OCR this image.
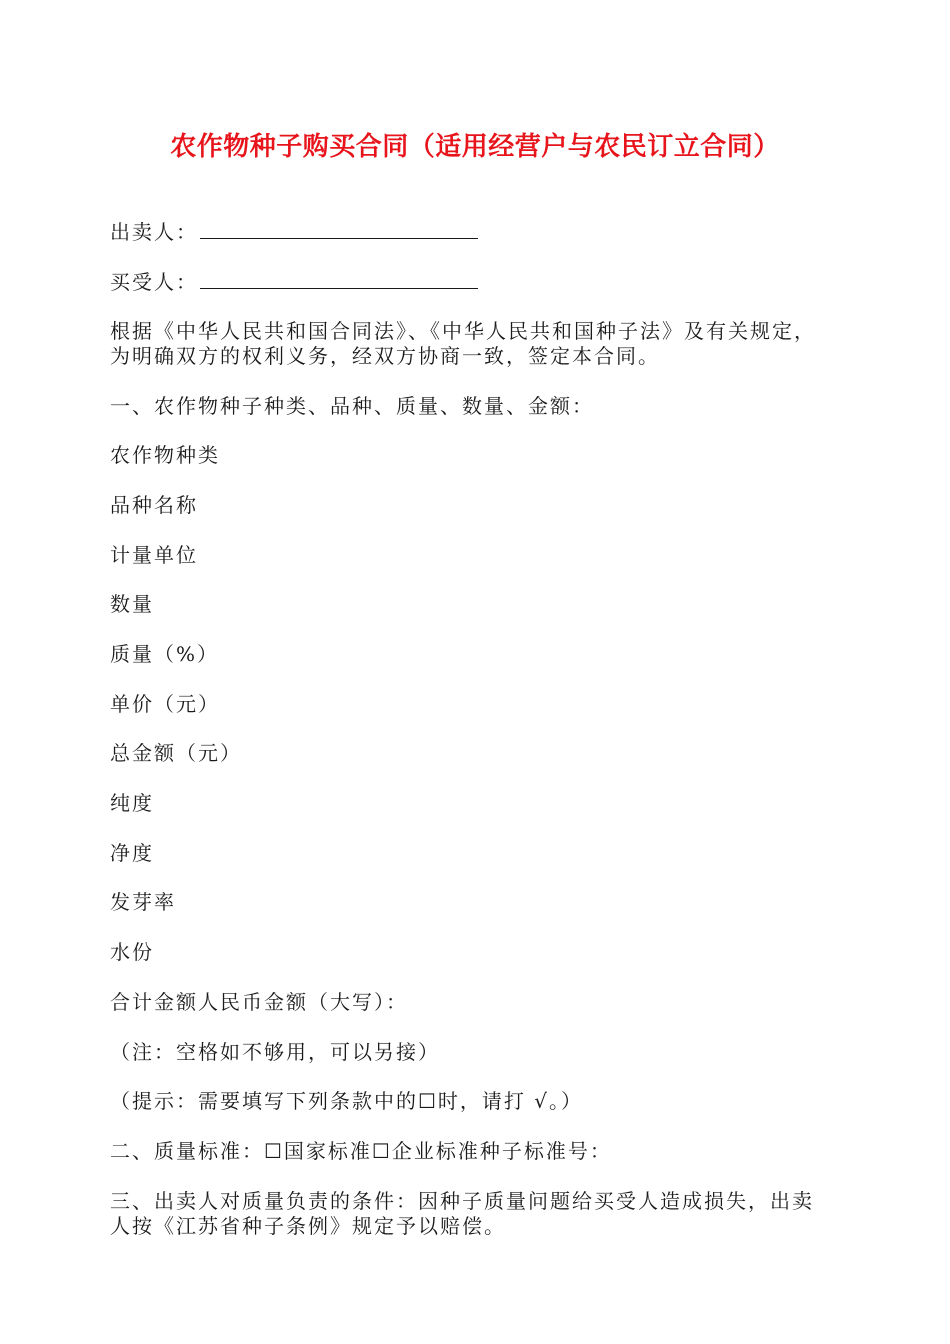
农作物种子购买合同（适用经营户与农民订立合同）
出卖人：
买受人：
根据《中华人民共和国合同法》、《中华人民共和国种子法》及有关规定，
为明确双方的权利义务，经双方协商一致，签定本合同。
一、农作物种子种类、品种、质量、数量、金额：
农作物种类
品种名称
计量单位
数量
质量（%）
单价（元）
总金额（元）
纯度
净度
发芽率
水份
合计金额人民币金额（大写）：
（注：空格如不够用，可以另接）
（提示：需要填写下列条款中的☐时，请打 √。）
二、质量标准：☐国家标准☐企业标准种子标准号：
三、出卖人对质量负责的条件：因种子质量问题给买受人造成损失，出卖
人按《江苏省种子条例》规定予以赔偿。
